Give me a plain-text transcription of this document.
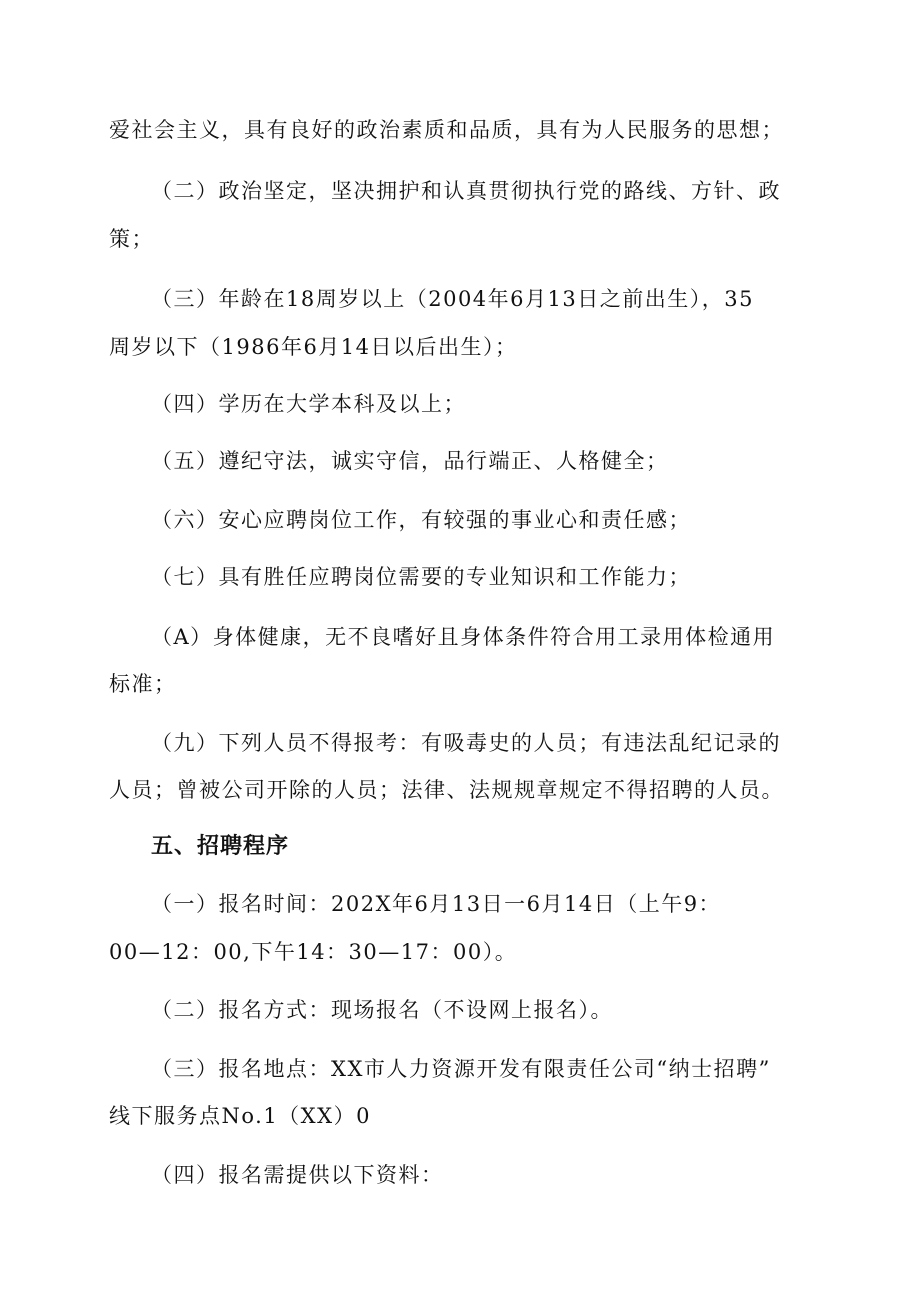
爱社会主义，具有良好的政治素质和品质，具有为人民服务的思想；
（二）政治坚定，坚决拥护和认真贯彻执行党的路线、方针、政
策；
（三）年龄在18周岁以上（2004年6月13日之前出生），35
周岁以下（1986年6月14日以后出生）；
（四）学历在大学本科及以上；
（五）遵纪守法，诚实守信，品行端正、人格健全；
（六）安心应聘岗位工作，有较强的事业心和责任感；
（七）具有胜任应聘岗位需要的专业知识和工作能力；
（A）身体健康，无不良嗜好且身体条件符合用工录用体检通用
标准；
（九）下列人员不得报考：有吸毒史的人员；有违法乱纪记录的
人员；曾被公司开除的人员；法律、法规规章规定不得招聘的人员。
五、招聘程序
（一）报名时间：202X年6月13日一6月14日（上午9：
00—12：00,下午14：30—17：00）。
（二）报名方式：现场报名（不设网上报名）。
（三）报名地点：XX市人力资源开发有限责任公司“纳士招聘”
线下服务点No.1（XX）0
（四）报名需提供以下资料：
